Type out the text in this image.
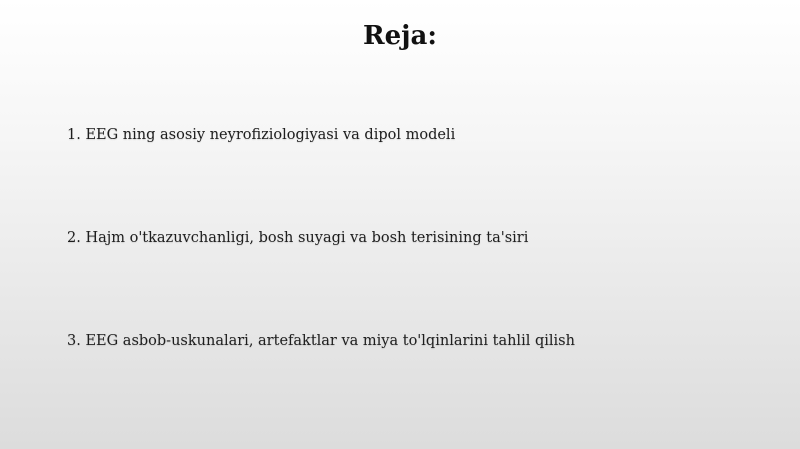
Reja:
1. EEG ning asosiy neyrofiziologiyasi va dipol modeli
2. Hajm o'tkazuvchanligi, bosh suyagi va bosh terisining ta'siri
3. EEG asbob-uskunalari, artefaktlar va miya to'lqinlarini tahlil qilish
